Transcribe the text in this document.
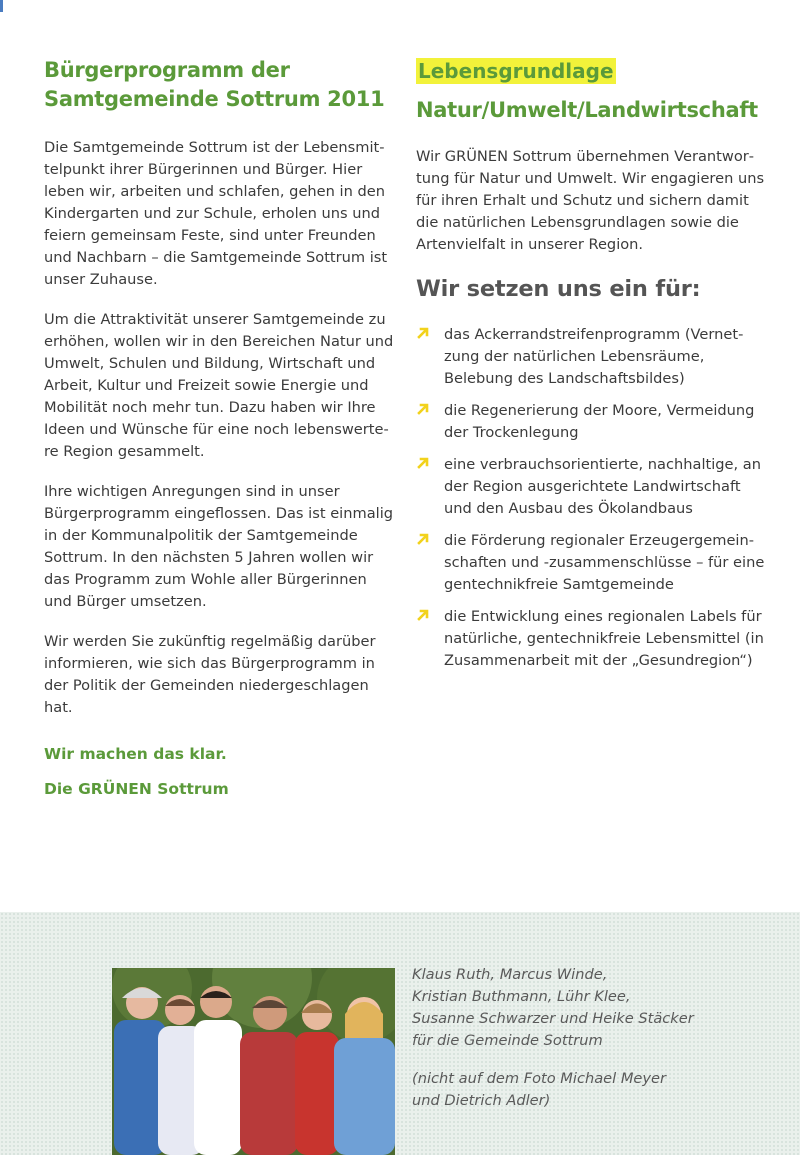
Bürgerprogramm der Samtgemeinde Sottrum 2011

Die Samtgemeinde Sottrum ist der Lebensmittelpunkt ihrer Bürgerinnen und Bürger. Hier leben wir, arbeiten und schlafen, gehen in den Kindergarten und zur Schule, erholen uns und feiern gemeinsam Feste, sind unter Freunden und Nachbarn – die Samtgemeinde Sottrum ist unser Zuhause.

Um die Attraktivität unserer Samtgemeinde zu erhöhen, wollen wir in den Bereichen Natur und Umwelt, Schulen und Bildung, Wirtschaft und Arbeit, Kultur und Freizeit sowie Energie und Mobilität noch mehr tun. Dazu haben wir Ihre Ideen und Wünsche für eine noch lebenswertere Region gesammelt.

Ihre wichtigen Anregungen sind in unser Bürgerprogramm eingeflossen. Das ist einmalig in der Kommunalpolitik der Samtgemeinde Sottrum. In den nächsten 5 Jahren wollen wir das Programm zum Wohle aller Bürgerinnen und Bürger umsetzen.

Wir werden Sie zukünftig regelmäßig darüber informieren, wie sich das Bürgerprogramm in der Politik der Gemeinden niedergeschlagen hat.

Wir machen das klar.

Die GRÜNEN Sottrum

Lebensgrundlage
Natur/Umwelt/Landwirtschaft

Wir GRÜNEN Sottrum übernehmen Verantwortung für Natur und Umwelt. Wir engagieren uns für ihren Erhalt und Schutz und sichern damit die natürlichen Lebensgrundlagen sowie die Artenvielfalt in unserer Region.

Wir setzen uns ein für:
das Ackerrandstreifenprogramm (Vernetzung der natürlichen Lebensräume, Belebung des Landschaftsbildes)
die Regenerierung der Moore, Vermeidung der Trockenlegung
eine verbrauchsorientierte, nachhaltige, an der Region ausgerichtete Landwirtschaft und den Ausbau des Ökolandbaus
die Förderung regionaler Erzeugergemeinschaften und -zusammenschlüsse – für eine gentechnikfreie Samtgemeinde
die Entwicklung eines regionalen Labels für natürliche, gentechnikfreie Lebensmittel (in Zusammenarbeit mit der „Gesundregion“)

Klaus Ruth, Marcus Winde,
Kristian Buthmann, Lühr Klee,
Susanne Schwarzer und Heike Stäcker
für die Gemeinde Sottrum

(nicht auf dem Foto Michael Meyer
und Dietrich Adler)
